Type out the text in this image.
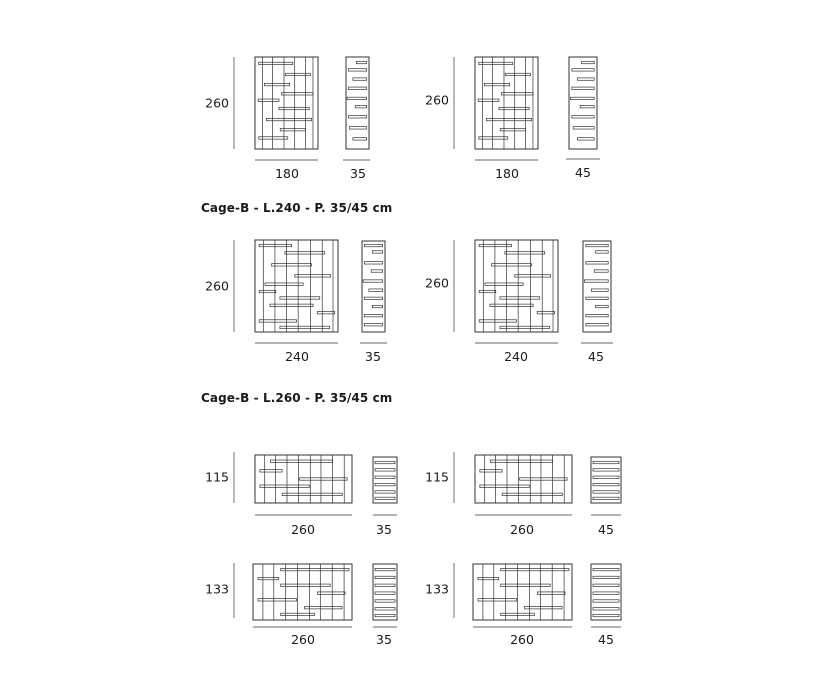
Cage-B - L.240 - P. 35/45 cm
Cage-B - L.260 - P. 35/45 cm
260
180	35
260
180	45
260
240	35
260
240	45
115
260	35
115
260	45
133
260	35
133
260	45
